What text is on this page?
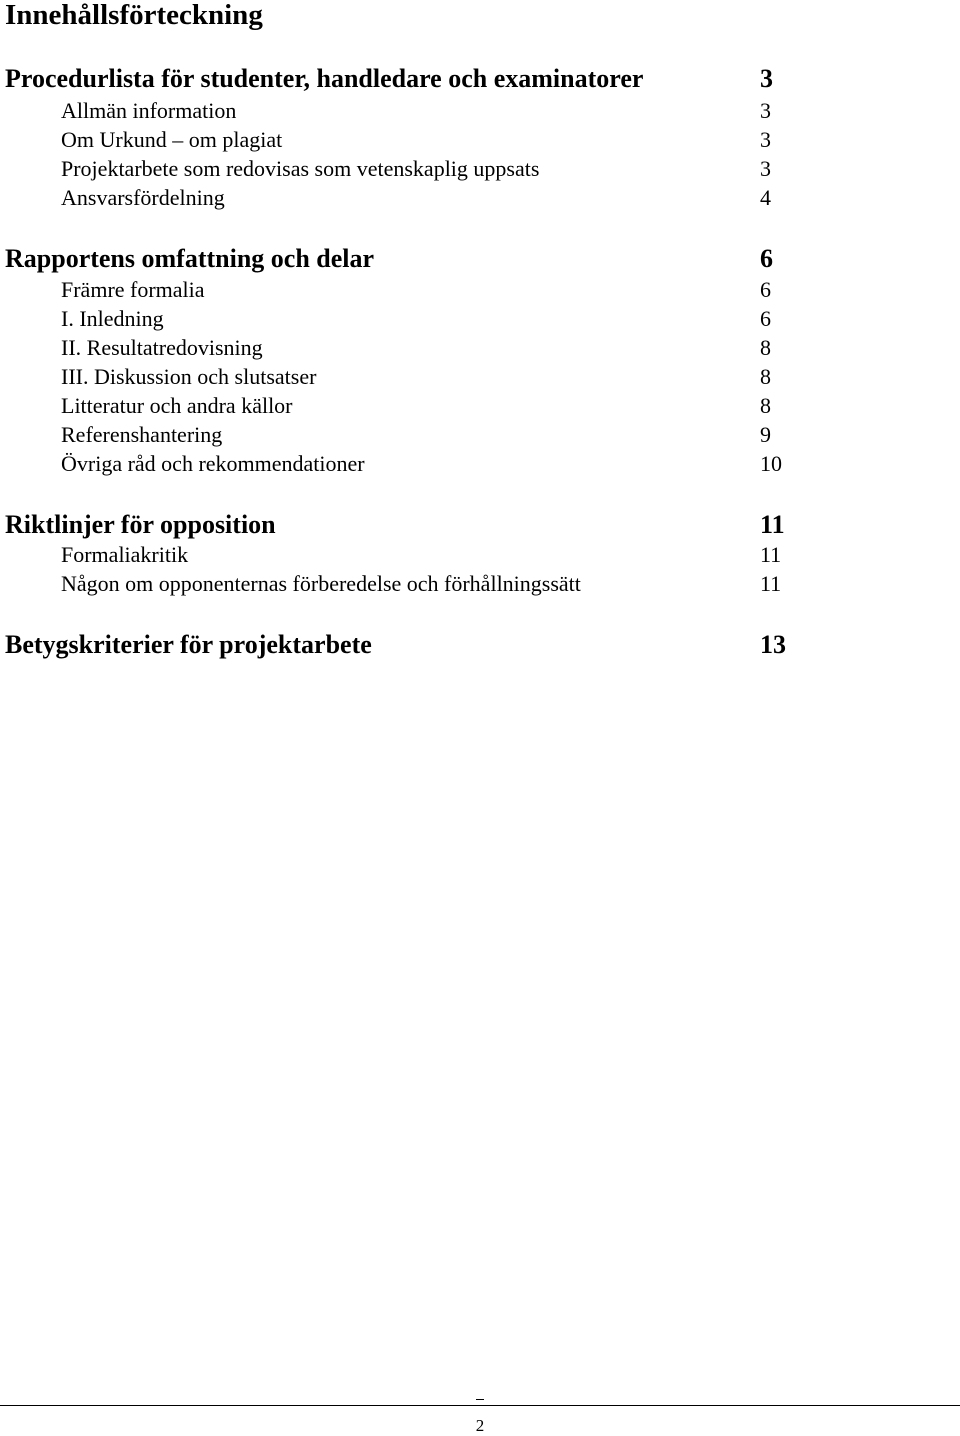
Innehållsförteckning
Procedurlista för studenter, handledare och examinatorer	3
Allmän information	3
Om Urkund – om plagiat	3
Projektarbete som redovisas som vetenskaplig uppsats	3
Ansvarsfördelning	4
Rapportens omfattning och delar	6
Främre formalia	6
I. Inledning	6
II. Resultatredovisning	8
III. Diskussion och slutsatser	8
Litteratur och andra källor	8
Referenshantering	9
Övriga råd och rekommendationer	10
Riktlinjer för opposition	11
Formaliakritik	11
Någon om opponenternas förberedelse och förhållningssätt	11
Betygskriterier för projektarbete	13
2
